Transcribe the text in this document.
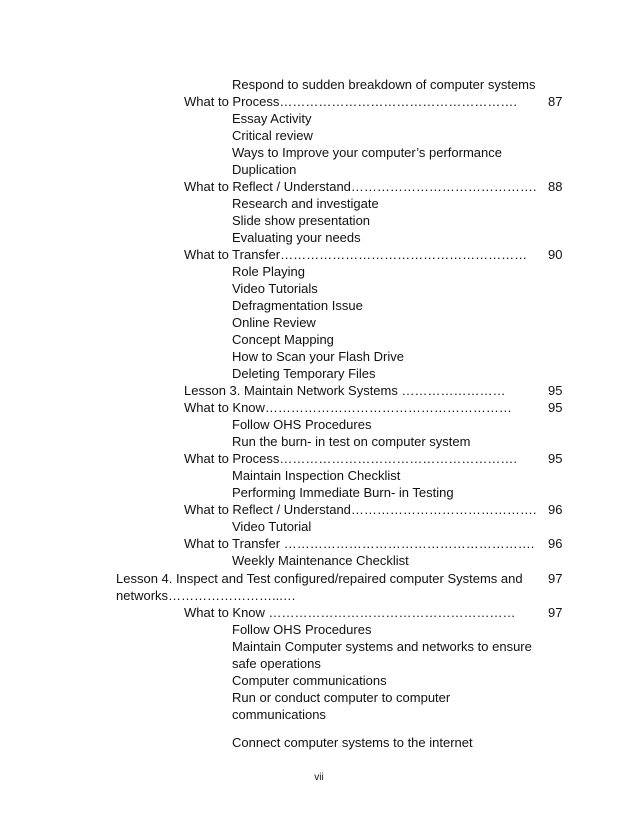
Respond to sudden breakdown of computer systems
What to Process………………………………………………. 87
Essay Activity
Critical review
Ways to Improve your computer’s performance
Duplication
What to Reflect / Understand……………………………………. 88
Research and investigate
Slide show presentation
Evaluating your needs
What to Transfer………………………………………………… 90
Role Playing
Video Tutorials
Defragmentation Issue
Online Review
Concept Mapping
How to Scan your Flash Drive
Deleting Temporary Files
Lesson 3. Maintain Network Systems ……………………	95
What to Know…………………………………………………	95
Follow OHS Procedures
Run the burn- in test on computer system
What to Process………………………………………………. 95
Maintain Inspection Checklist
Performing Immediate Burn- in Testing
What to Reflect / Understand……………………………………. 96
Video Tutorial
What to Transfer …………………………………………………. 96
Weekly Maintenance Checklist
Lesson 4. Inspect and Test configured/repaired computer Systems and 97
networks……………………...…
What to Know ………………………………………………… 97
Follow OHS Procedures
Maintain Computer systems and networks to ensure
safe operations
Computer communications
Run or conduct computer to computer
communications
Connect computer systems to the internet
vii
